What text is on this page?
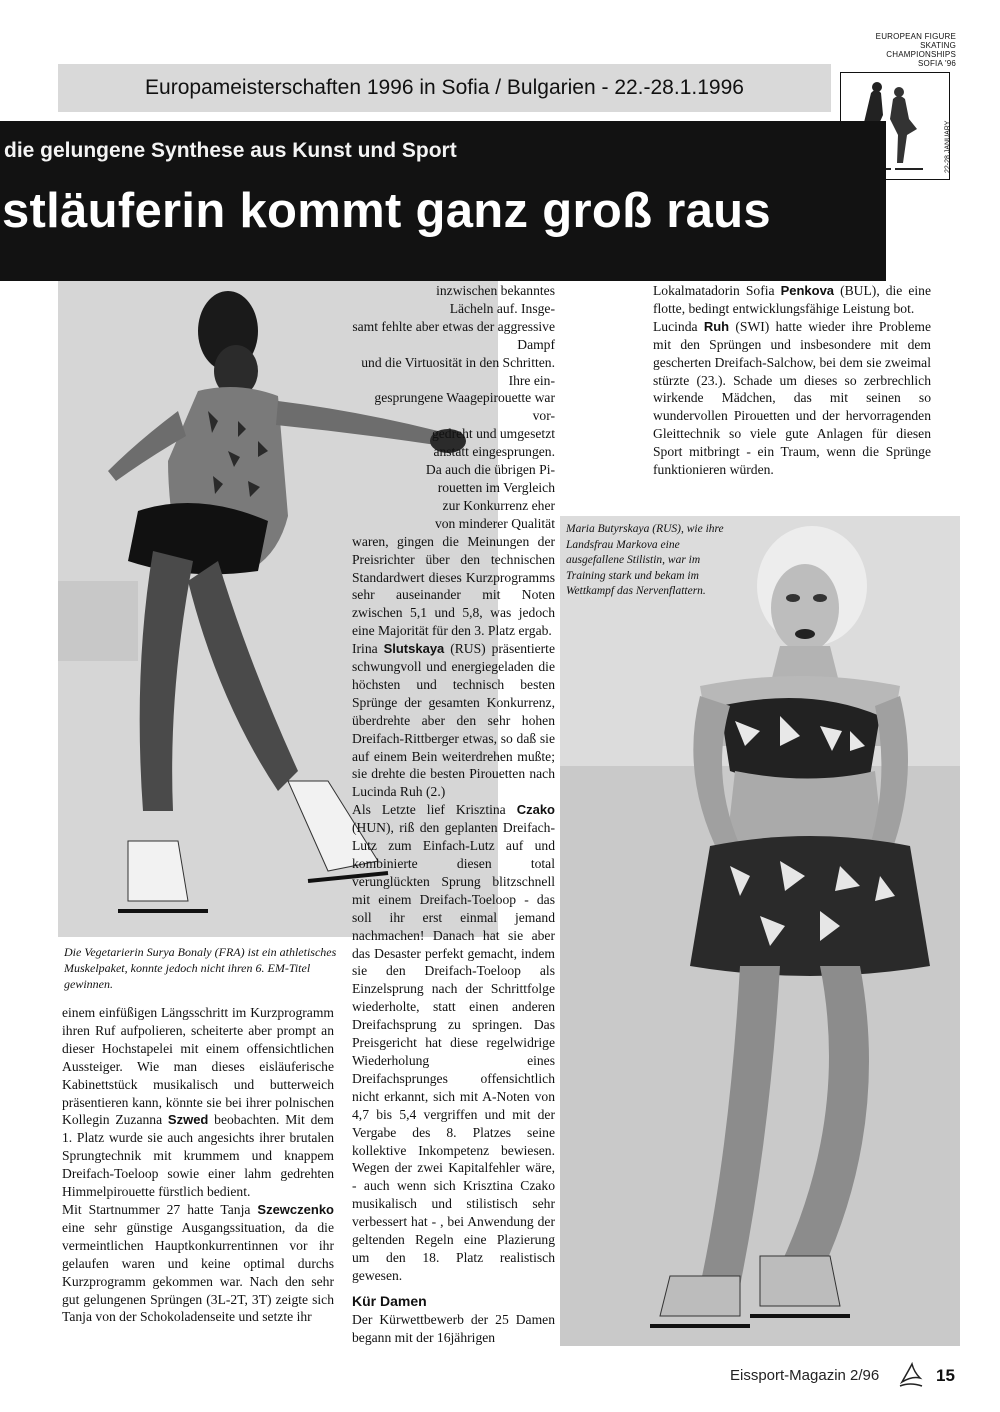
Europameisterschaften 1996 in Sofia / Bulgarien - 22.-28.1.1996
EUROPEAN FIGURE SKATING
CHAMPIONSHIPS
SOFIA '96
22-28 JANUARY
die gelungene Synthese aus Kunst und Sport
stläuferin kommt ganz groß raus
Die Vegetarierin Surya Bonaly (FRA) ist ein athletisches Muskelpaket, konnte jedoch nicht ihren 6. EM-Titel gewinnen.
Maria Butyrskaya (RUS), wie ihre Landsfrau Markova eine ausgefallene Stilistin, war im Training stark und bekam im Wettkampf das Nervenflattern.

einem einfüßigen Längsschritt im Kurzprogramm ihren Ruf aufpolieren, scheiterte aber prompt an dieser Hochstapelei mit einem offensichtlichen Aussteiger. Wie man dieses eisläuferische Kabinettstück musikalisch und butterweich präsentieren kann, könnte sie bei ihrer polnischen Kollegin Zuzanna Szwed beobachten. Mit dem 1. Platz wurde sie auch angesichts ihrer brutalen Sprungtechnik mit krummem und knappem Dreifach-Toeloop sowie einer lahm gedrehten Himmelpirouette fürstlich bedient.

Mit Startnummer 27 hatte Tanja Szewczenko eine sehr günstige Ausgangssituation, da die vermeintlichen Hauptkonkurrentinnen vor ihr gelaufen waren und keine optimal durchs Kurzprogramm gekommen war. Nach den sehr gut gelungenen Sprüngen (3L-2T, 3T) zeigte sich Tanja von der Schokoladenseite und setzte ihr

inzwischen bekanntes

Lächeln auf. Insge-

samt fehlte aber etwas der aggressive Dampf

und die Virtuosität in den Schritten. Ihre ein-

gesprungene Waagepirouette war vor-

gedreht und umgesetzt

anstatt eingesprungen.

Da auch die übrigen Pi-

rouetten im Vergleich

zur Konkurrenz eher

von minderer Qualität

waren, gingen die Meinungen der Preisrichter über den technischen Standardwert dieses Kurzprogramms sehr auseinander mit Noten zwischen 5,1 und 5,8, was jedoch eine Majorität für den 3. Platz ergab.

Irina Slutskaya (RUS) präsentierte schwungvoll und energiegeladen die höchsten und technisch besten Sprünge der gesamten Konkurrenz, überdrehte aber den sehr hohen Dreifach-Rittberger etwas, so daß sie auf einem Bein weiterdrehen mußte; sie drehte die besten Pirouetten nach Lucinda Ruh (2.)

Als Letzte lief Krisztina Czako (HUN), riß den geplanten Dreifach-Lutz zum Einfach-Lutz auf und kombinierte diesen total verunglückten Sprung blitzschnell mit einem Dreifach-Toeloop - das soll ihr erst einmal jemand nachmachen! Danach hat sie aber das Desaster perfekt gemacht, indem sie den Dreifach-Toeloop als Einzelsprung nach der Schrittfolge wiederholte, statt einen anderen Dreifachsprung zu springen. Das Preisgericht hat diese regelwidrige Wiederholung eines Dreifachsprunges offensichtlich nicht erkannt, sich mit A-Noten von 4,7 bis 5,4 vergriffen und mit der Vergabe des 8. Platzes seine kollektive Inkompetenz bewiesen. Wegen der zwei Kapitalfehler wäre, - auch wenn sich Krisztina Czako musikalisch und stilistisch sehr verbessert hat - , bei Anwendung der geltenden Regeln eine Plazierung um den 18. Platz realistisch gewesen.

Kür Damen

Der Kürwettbewerb der 25 Damen begann mit der 16jährigen

Lokalmatadorin Sofia Penkova (BUL), die eine flotte, bedingt entwicklungsfähige Leistung bot.

Lucinda Ruh (SWI) hatte wieder ihre Probleme mit den Sprüngen und insbesondere mit dem gescherten Dreifach-Salchow, bei dem sie zweimal stürzte (23.). Schade um dieses so zerbrechlich wirkende Mädchen, das mit seinen so wundervollen Pirouetten und der hervorragenden Gleittechnik so viele gute Anlagen für diesen Sport mitbringt - ein Traum, wenn die Sprünge funktionieren würden.

Eissport-Magazin 2/96	15
